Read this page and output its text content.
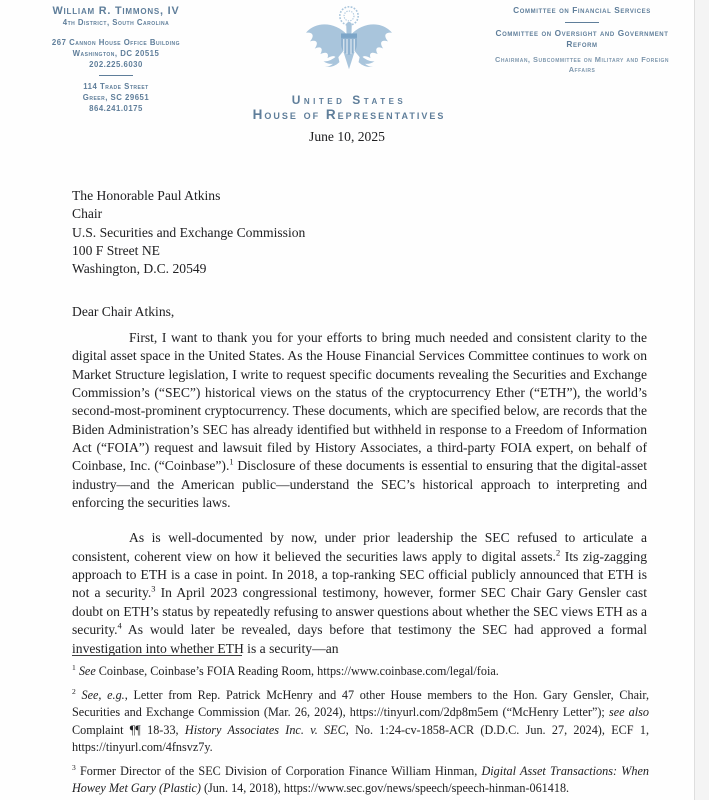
William R. Timmons, IV
4th District, South Carolina
267 Cannon House Office Building
Washington, DC 20515
202.225.6030
114 Trade Street
Greer, SC 29651
864.241.0175
United States
House of Representatives
Committee on Financial Services
Committee on Oversight and Government Reform
Chairman, Subcommittee on Military and Foreign Affairs
June 10, 2025
The Honorable Paul Atkins
Chair
U.S. Securities and Exchange Commission
100 F Street NE
Washington, D.C. 20549
Dear Chair Atkins,

First, I want to thank you for your efforts to bring much needed and consistent clarity to the digital asset space in the United States. As the House Financial Services Committee continues to work on Market Structure legislation, I write to request specific documents revealing the Securities and Exchange Commission’s (“SEC”) historical views on the status of the cryptocurrency Ether (“ETH”), the world’s second-most-prominent cryptocurrency. These documents, which are specified below, are records that the Biden Administration’s SEC has already identified but withheld in response to a Freedom of Information Act (“FOIA”) request and lawsuit filed by History Associates, a third-party FOIA expert, on behalf of Coinbase, Inc. (“Coinbase”).$^1$ Disclosure of these documents is essential to ensuring that the digital-asset industry—and the American public—understand the SEC’s historical approach to interpreting and enforcing the securities laws.

As is well-documented by now, under prior leadership the SEC refused to articulate a consistent, coherent view on how it believed the securities laws apply to digital assets.$^2$ Its zig-zagging approach to ETH is a case in point. In 2018, a top-ranking SEC official publicly announced that ETH is not a security.$^3$ In April 2023 congressional testimony, however, former SEC Chair Gary Gensler cast doubt on ETH’s status by repeatedly refusing to answer questions about whether the SEC views ETH as a security.$^4$ As would later be revealed, days before that testimony the SEC had approved a formal investigation into whether ETH is a security—an

$^1$ See Coinbase, Coinbase’s FOIA Reading Room, https://www.coinbase.com/legal/foia.

$^2$ See, e.g., Letter from Rep. Patrick McHenry and 47 other House members to the Hon. Gary Gensler, Chair, Securities and Exchange Commission (Mar. 26, 2024), https://tinyurl.com/2dp8m5em (“McHenry Letter”); see also Complaint ¶¶ 18-33, History Associates Inc. v. SEC, No. 1:24-cv-1858-ACR (D.D.C. Jun. 27, 2024), ECF 1, https://tinyurl.com/4fnsvz7y.

$^3$ Former Director of the SEC Division of Corporation Finance William Hinman, Digital Asset Transactions: When Howey Met Gary (Plastic) (Jun. 14, 2018), https://www.sec.gov/news/speech/speech-hinman-061418.
